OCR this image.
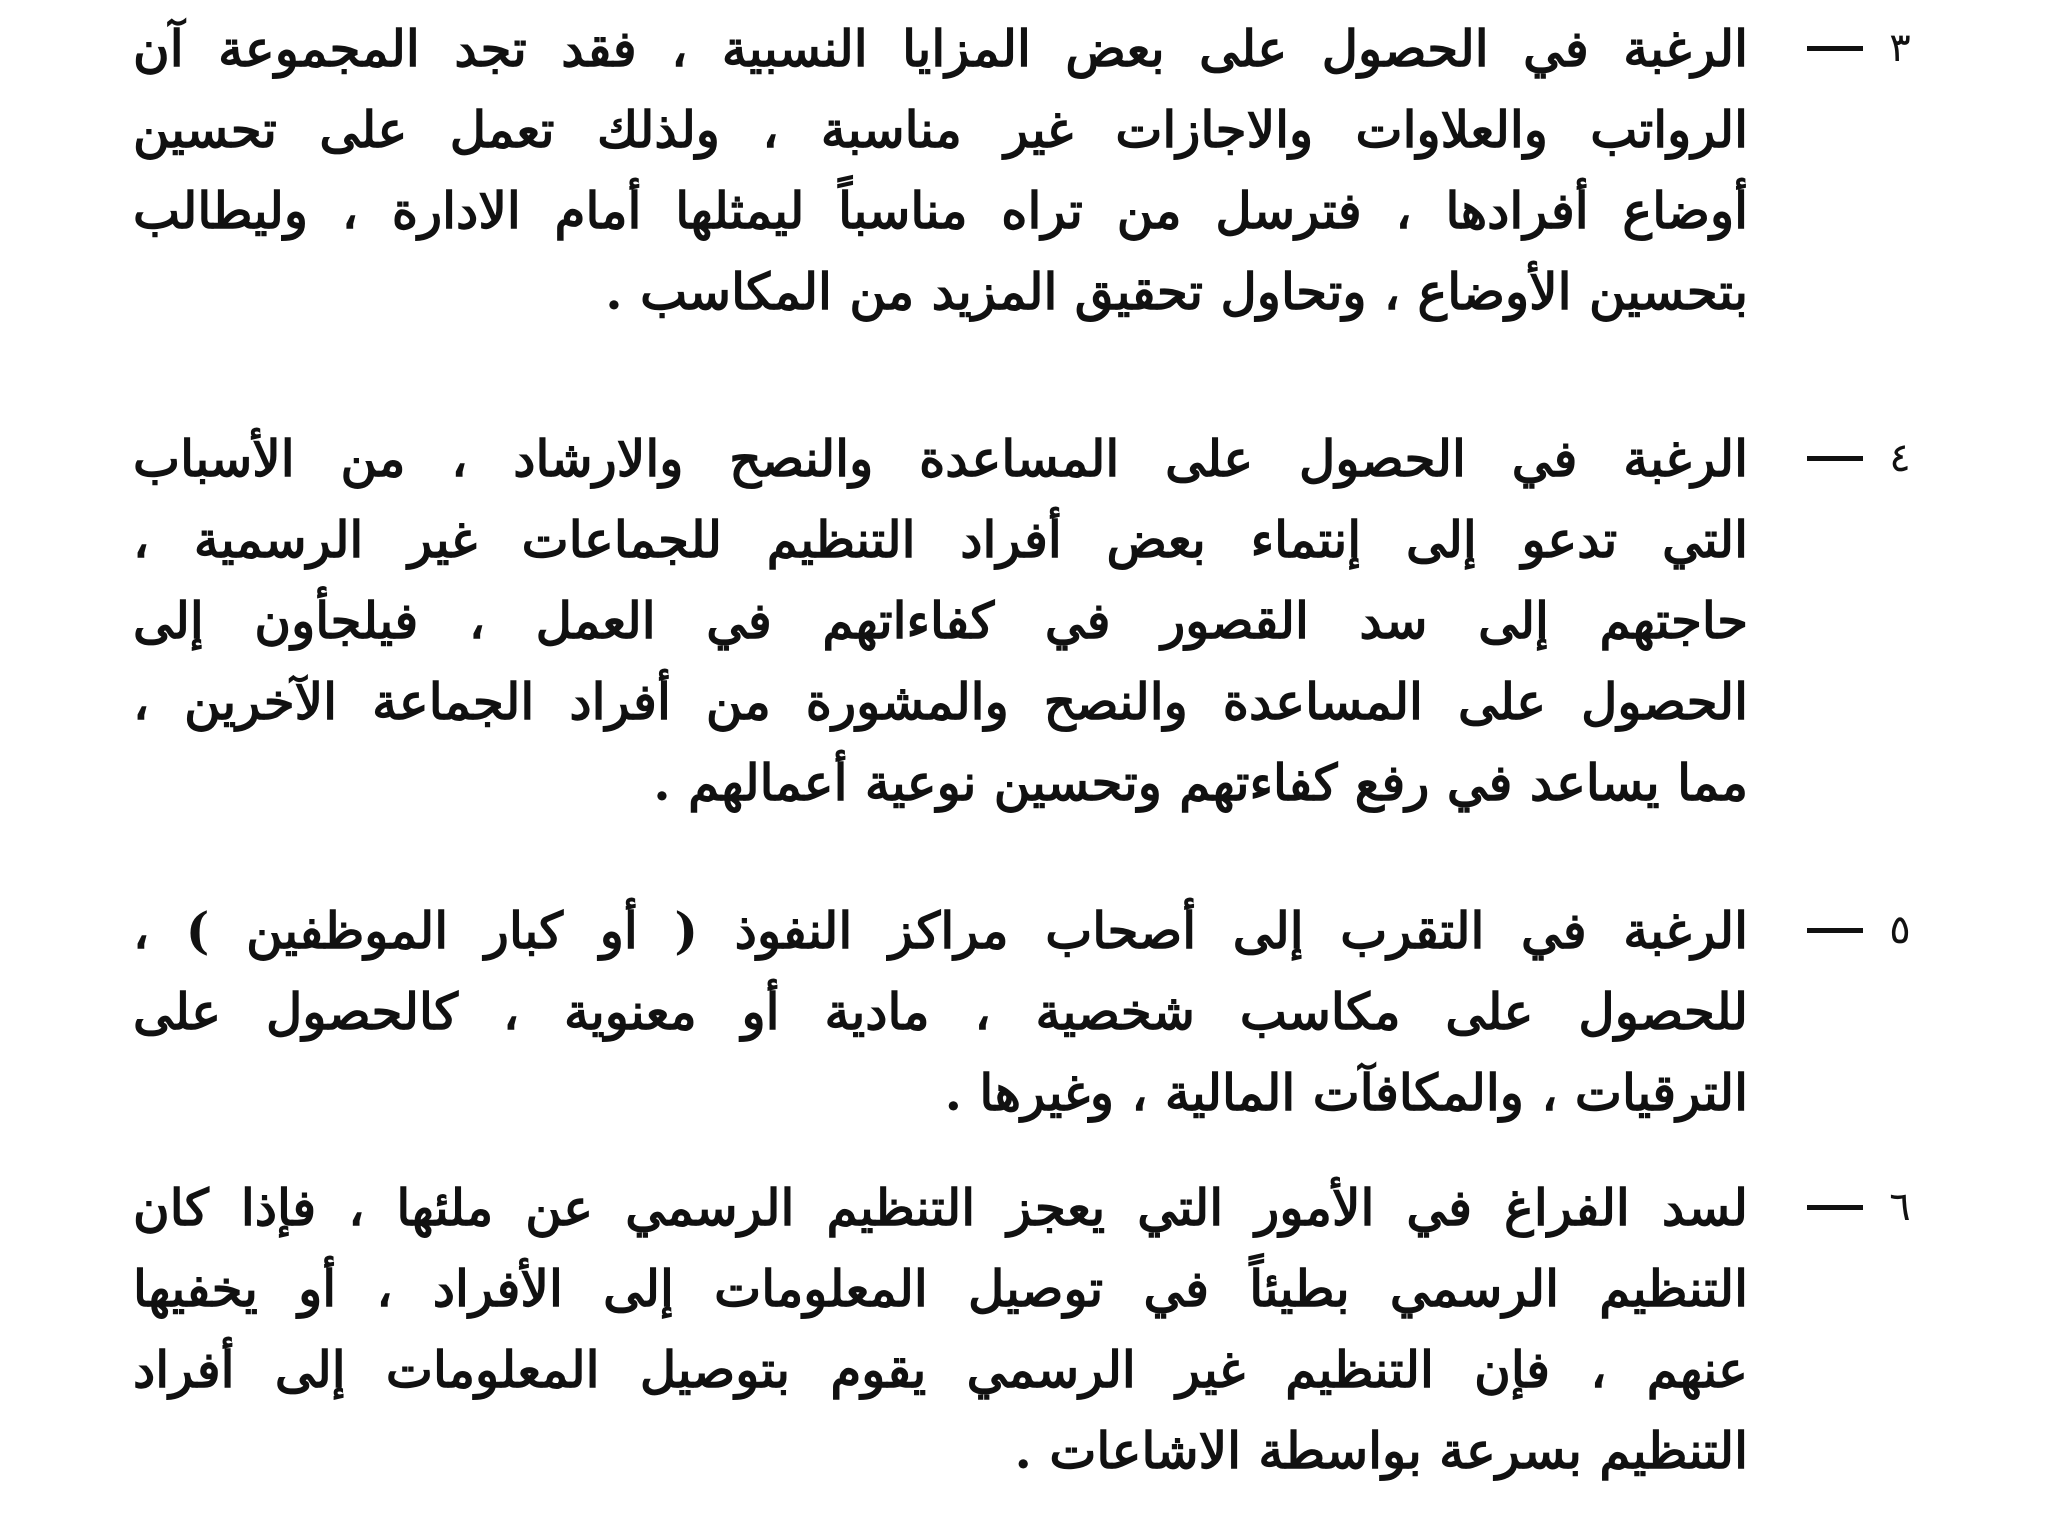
٣
الرغبة في الحصول على بعض المزايا النسبية ، فقد تجد المجموعة آن
الرواتب والعلاوات والاجازات غير مناسبة ، ولذلك تعمل على تحسين
أوضاع أفرادها ، فترسل من تراه مناسباً ليمثلها أمام الادارة ، وليطالب
بتحسين الأوضاع ، وتحاول تحقيق المزيد من المكاسب .
٤
الرغبة في الحصول على المساعدة والنصح والارشاد ، من الأسباب
التي تدعو إلى إنتماء بعض أفراد التنظيم للجماعات غير الرسمية ،
حاجتهم إلى سد القصور في كفاءاتهم في العمل ، فيلجأون إلى
الحصول على المساعدة والنصح والمشورة من أفراد الجماعة الآخرين ،
مما يساعد في رفع كفاءتهم وتحسين نوعية أعمالهم .
٥
الرغبة في التقرب إلى أصحاب مراكز النفوذ ( أو كبار الموظفين ) ،
للحصول على مكاسب شخصية ، مادية أو معنوية ، كالحصول على
الترقيات ، والمكافآت المالية ، وغيرها .
٦
لسد الفراغ في الأمور التي يعجز التنظيم الرسمي عن ملئها ، فإذا كان
التنظيم الرسمي بطيئاً في توصيل المعلومات إلى الأفراد ، أو يخفيها
عنهم ، فإن التنظيم غير الرسمي يقوم بتوصيل المعلومات إلى أفراد
التنظيم بسرعة بواسطة الاشاعات .
